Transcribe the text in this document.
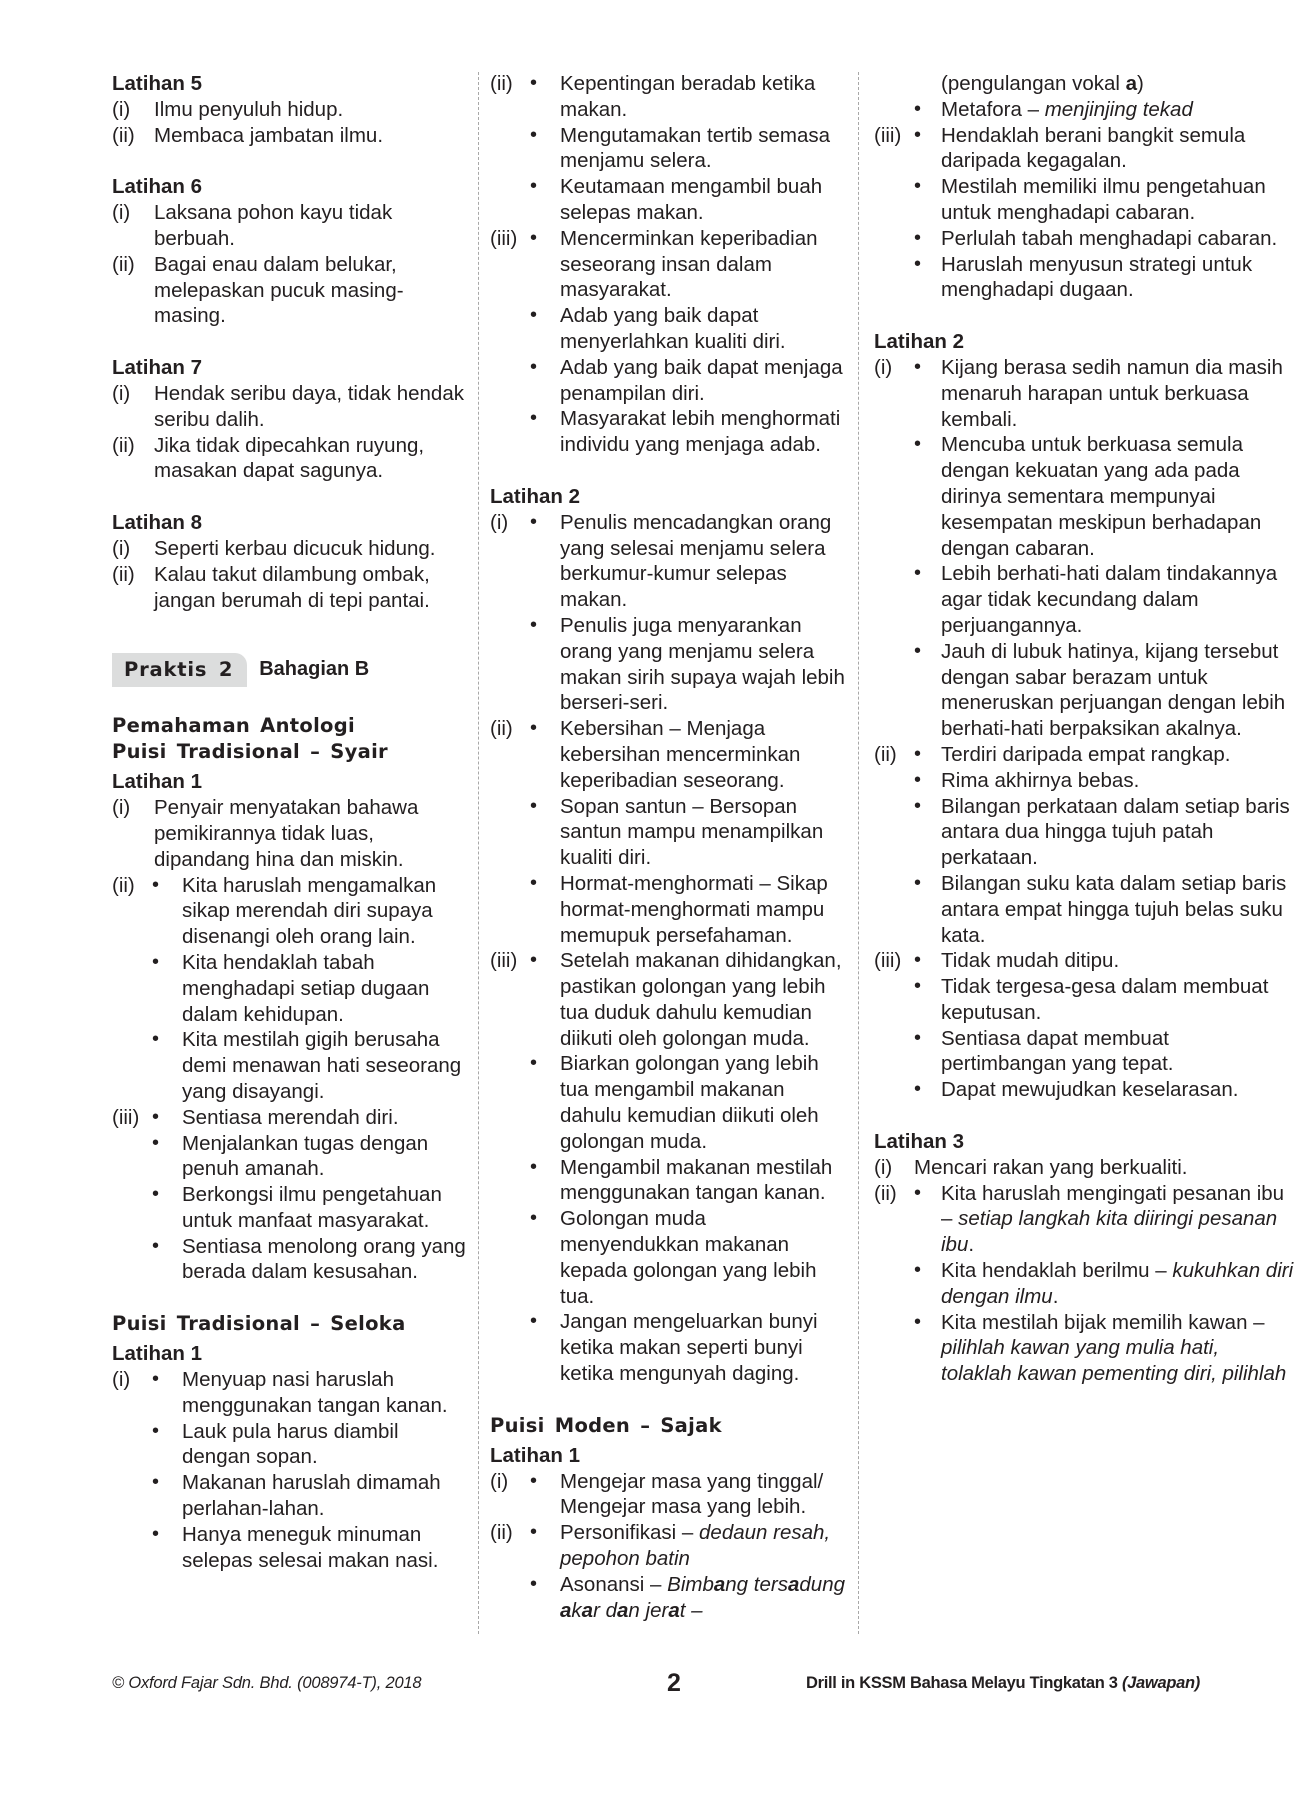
Latihan 5
(i)	Ilmu penyuluh hidup.
(ii) Membaca jambatan ilmu.
Latihan 6
(i)	Laksana pohon kayu tidak berbuah.
(ii) Bagai enau dalam belukar, melepaskan pucuk masing-masing.
Latihan 7
(i)	Hendak seribu daya, tidak hendak seribu dalih.
(ii) Jika tidak dipecahkan ruyung, masakan dapat sagunya.
Latihan 8
(i)	Seperti kerbau dicucuk hidung.
(ii) Kalau takut dilambung ombak, jangan berumah di tepi pantai.
Praktis 2	Bahagian B
Pemahaman Antologi
Puisi Tradisional – Syair
Latihan 1
(i)	Penyair menyatakan bahawa pemikirannya tidak luas, dipandang hina dan miskin.
(ii) •	Kita haruslah mengamalkan sikap merendah diri supaya disenangi oleh orang lain.
•	Kita hendaklah tabah menghadapi setiap dugaan dalam kehidupan.
•	Kita mestilah gigih berusaha demi menawan hati seseorang yang disayangi.
(iii) •	Sentiasa merendah diri.
•	Menjalankan tugas dengan penuh amanah.
•	Berkongsi ilmu pengetahuan untuk manfaat masyarakat.
•	Sentiasa menolong orang yang berada dalam kesusahan.
Puisi Tradisional – Seloka
Latihan 1
(i)	•	Menyuap nasi haruslah menggunakan tangan kanan.
•	Lauk pula harus diambil dengan sopan.
•	Makanan haruslah dimamah perlahan-lahan.
•	Hanya meneguk minuman selepas selesai makan nasi.
(ii) •	Kepentingan beradab ketika makan.
•	Mengutamakan tertib semasa menjamu selera.
•	Keutamaan mengambil buah selepas makan.
(iii) •	Mencerminkan keperibadian seseorang insan dalam masyarakat.
•	Adab yang baik dapat menyerlahkan kualiti diri.
•	Adab yang baik dapat menjaga penampilan diri.
•	Masyarakat lebih menghormati individu yang menjaga adab.
Latihan 2
(i)	•	Penulis mencadangkan orang yang selesai menjamu selera berkumur-kumur selepas makan.
•	Penulis juga menyarankan orang yang menjamu selera makan sirih supaya wajah lebih berseri-seri.
(ii) •	Kebersihan – Menjaga kebersihan mencerminkan keperibadian seseorang.
•	Sopan santun – Bersopan santun mampu menampilkan kualiti diri.
•	Hormat-menghormati – Sikap hormat-menghormati mampu memupuk persefahaman.
(iii) •	Setelah makanan dihidangkan, pastikan golongan yang lebih tua duduk dahulu kemudian diikuti oleh golongan muda.
•	Biarkan golongan yang lebih tua mengambil makanan dahulu kemudian diikuti oleh golongan muda.
•	Mengambil makanan mestilah menggunakan tangan kanan.
•	Golongan muda menyendukkan makanan kepada golongan yang lebih tua.
•	Jangan mengeluarkan bunyi ketika makan seperti bunyi ketika mengunyah daging.
Puisi Moden – Sajak
Latihan 1
(i)	•	Mengejar masa yang tinggal/ Mengejar masa yang lebih.
(ii) •	Personifikasi – dedaun resah, pepohon batin
•	Asonansi – Bimbang tersadung akar dan jerat –
(pengulangan vokal a)
• Metafora – menjinjing tekad
(iii) • Hendaklah berani bangkit semula daripada kegagalan.
• Mestilah memiliki ilmu pengetahuan untuk menghadapi cabaran.
• Perlulah tabah menghadapi cabaran.
• Haruslah menyusun strategi untuk menghadapi dugaan.
Latihan 2
(i)	• Kijang berasa sedih namun dia masih menaruh harapan untuk berkuasa kembali.
• Mencuba untuk berkuasa semula dengan kekuatan yang ada pada dirinya sementara mempunyai kesempatan meskipun berhadapan dengan cabaran.
• Lebih berhati-hati dalam tindakannya agar tidak kecundang dalam perjuangannya.
• Jauh di lubuk hatinya, kijang tersebut dengan sabar berazam untuk meneruskan perjuangan dengan lebih berhati-hati berpaksikan akalnya.
(ii) • Terdiri daripada empat rangkap.
• Rima akhirnya bebas.
• Bilangan perkataan dalam setiap baris antara dua hingga tujuh patah perkataan.
• Bilangan suku kata dalam setiap baris antara empat hingga tujuh belas suku kata.
(iii) • Tidak mudah ditipu.
• Tidak tergesa-gesa dalam membuat keputusan.
• Sentiasa dapat membuat pertimbangan yang tepat.
• Dapat mewujudkan keselarasan.
Latihan 3
(i)	Mencari rakan yang berkualiti.
(ii) • Kita haruslah mengingati pesanan ibu – setiap langkah kita diiringi pesanan ibu.
• Kita hendaklah berilmu – kukuhkan diri dengan ilmu.
• Kita mestilah bijak memilih kawan – pilihlah kawan yang mulia hati, tolaklah kawan pementing diri, pilihlah
© Oxford Fajar Sdn. Bhd. (008974-T), 2018	2	Drill in KSSM Bahasa Melayu Tingkatan 3 (Jawapan)
